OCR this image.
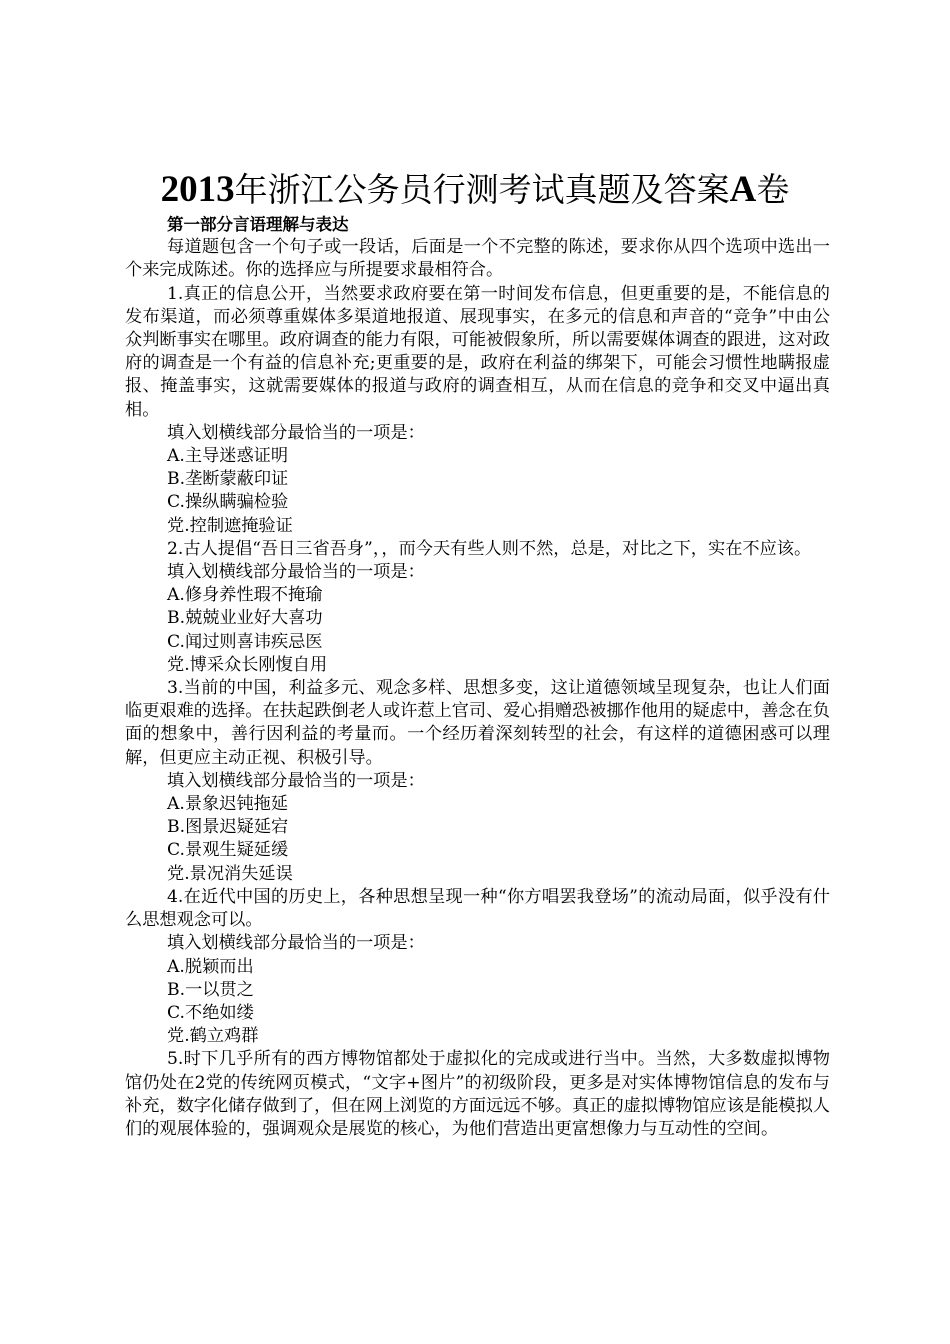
2013年浙江公务员行测考试真题及答案A卷

第一部分言语理解与表达

每道题包含一个句子或一段话，后面是一个不完整的陈述，要求你从四个选项中选出一个来完成陈述。你的选择应与所提要求最相符合。

1.真正的信息公开，当然要求政府要在第一时间发布信息，但更重要的是，不能信息的发布渠道，而必须尊重媒体多渠道地报道、展现事实，在多元的信息和声音的“竞争”中由公众判断事实在哪里。政府调查的能力有限，可能被假象所，所以需要媒体调查的跟进，这对政府的调查是一个有益的信息补充;更重要的是，政府在利益的绑架下，可能会习惯性地瞒报虚报、掩盖事实，这就需要媒体的报道与政府的调查相互，从而在信息的竞争和交叉中逼出真相。

填入划横线部分最恰当的一项是：

A.主导迷惑证明

B.垄断蒙蔽印证

C.操纵瞒骗检验

党.控制遮掩验证

2.古人提倡“吾日三省吾身”，，而今天有些人则不然，总是，对比之下，实在不应该。

填入划横线部分最恰当的一项是：

A.修身养性瑕不掩瑜

B.兢兢业业好大喜功

C.闻过则喜讳疾忌医

党.博采众长刚愎自用

3.当前的中国，利益多元、观念多样、思想多变，这让道德领域呈现复杂，也让人们面临更艰难的选择。在扶起跌倒老人或许惹上官司、爱心捐赠恐被挪作他用的疑虑中，善念在负面的想象中，善行因利益的考量而。一个经历着深刻转型的社会，有这样的道德困惑可以理解，但更应主动正视、积极引导。

填入划横线部分最恰当的一项是：

A.景象迟钝拖延

B.图景迟疑延宕

C.景观生疑延缓

党.景况消失延误

4.在近代中国的历史上，各种思想呈现一种“你方唱罢我登场”的流动局面，似乎没有什么思想观念可以。

填入划横线部分最恰当的一项是：

A.脱颖而出

B.一以贯之

C.不绝如缕

党.鹤立鸡群

5.时下几乎所有的西方博物馆都处于虚拟化的完成或进行当中。当然，大多数虚拟博物馆仍处在2党的传统网页模式，“文字+图片”的初级阶段，更多是对实体博物馆信息的发布与补充，数字化储存做到了，但在网上浏览的方面远远不够。真正的虚拟博物馆应该是能模拟人们的观展体验的，强调观众是展览的核心，为他们营造出更富想像力与互动性的空间。
